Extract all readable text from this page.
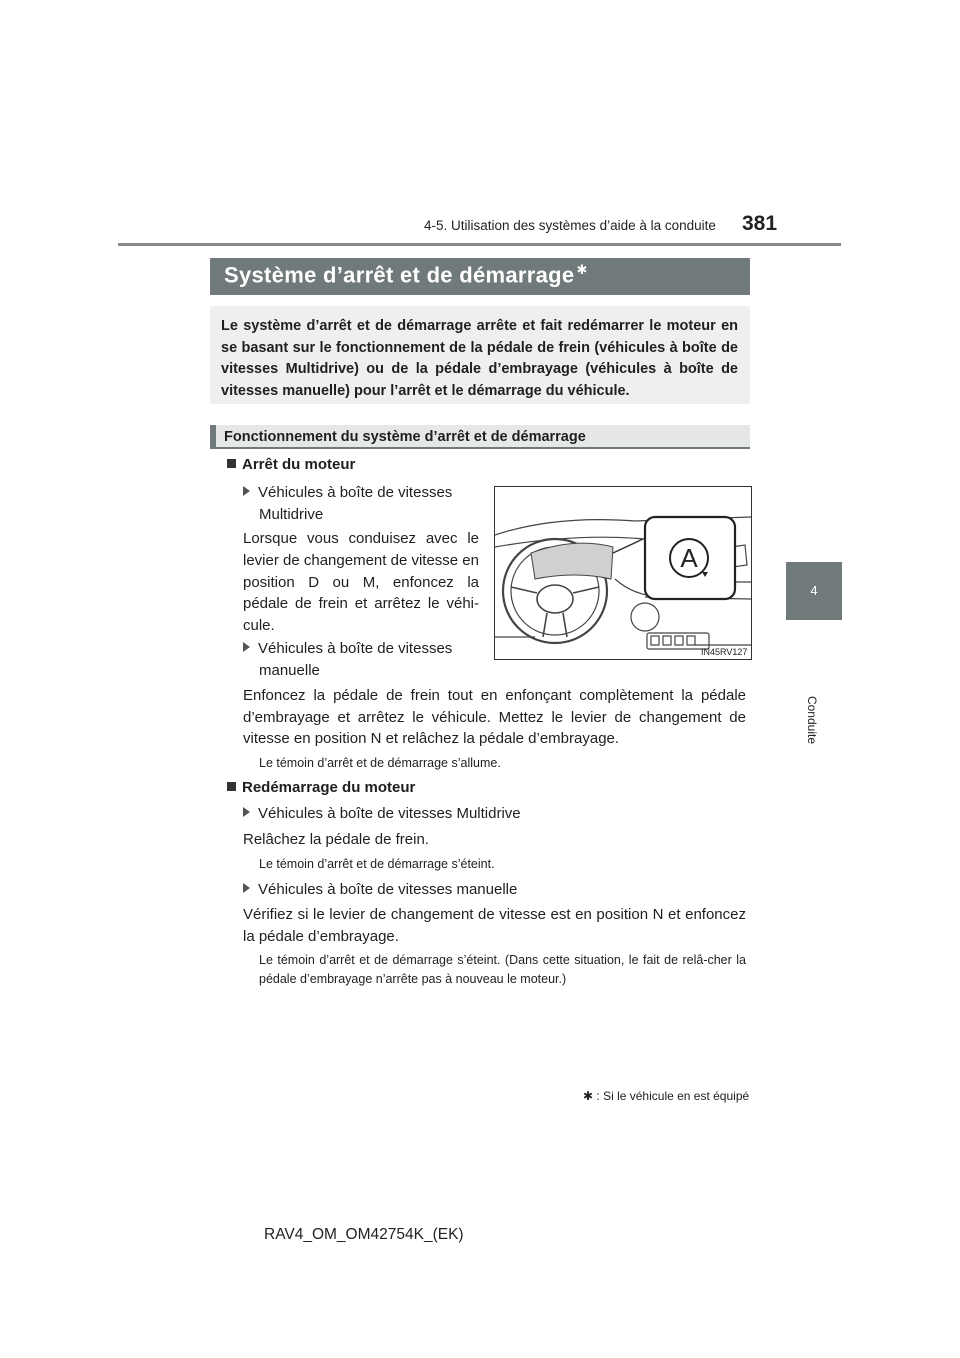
4-5. Utilisation des systèmes d’aide à la conduite 381
4
Conduite
Système d’arrêt et de démarrage ✱

Le système d’arrêt et de démarrage arrête et fait redémarrer le moteur en se basant sur le fonctionnement de la pédale de frein (véhicules à boîte de vitesses Multidrive) ou de la pédale d’embrayage (véhicules à boîte de vitesses manuelle) pour l’arrêt et le démarrage du véhicule.

Fonctionnement du système d’arrêt et de démarrage
Arrêt du moteur
Véhicules à boîte de vitesses
Multidrive
Lorsque vous conduisez avec le levier de changement de vitesse en position D ou M, enfoncez la pédale de frein et arrêtez le véhi-cule.
Véhicules à boîte de vitesses
manuelle
Enfoncez la pédale de frein tout en enfonçant complètement la pédale d’embrayage et arrêtez le véhicule. Mettez le levier de changement de vitesse en position N et relâchez la pédale d’embrayage.
Le témoin d’arrêt et de démarrage s’allume.
Redémarrage du moteur
Véhicules à boîte de vitesses Multidrive
Relâchez la pédale de frein.
Le témoin d’arrêt et de démarrage s’éteint.
Véhicules à boîte de vitesses manuelle
Vérifiez si le levier de changement de vitesse est en position N et enfoncez la pédale d’embrayage.
Le témoin d’arrêt et de démarrage s’éteint. (Dans cette situation, le fait de relâ-cher la pédale d’embrayage n’arrête pas à nouveau le moteur.)
A
IN45RV127
✱ : Si le véhicule en est équipé
RAV4_OM_OM42754K_(EK)
